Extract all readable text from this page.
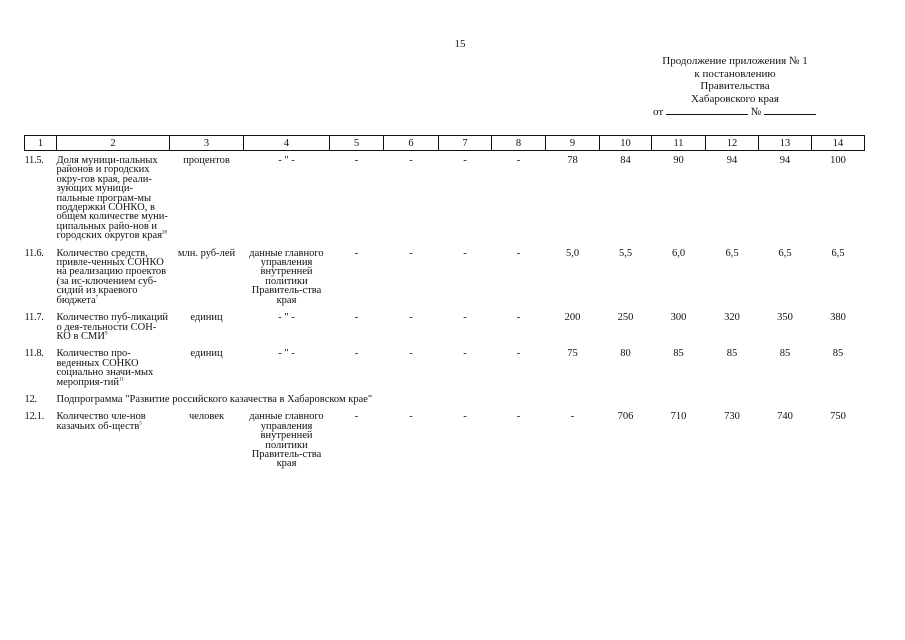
15
Продолжение приложения № 1
к постановлению
Правительства
Хабаровского края
от	№
1	2	3	4	5	6	7	8	9	10	11	12	13	14
11.5.	Доля муници-пальных районов и городских окру-гов края, реали-зующих муници-пальные програм-мы поддержки СОНКО, в общем количестве муни-ципальных райо-нов и городских округов края$^{28}$	процентов	- " -	-	-	-	-	78	84	90	94	94	100
11.6.	Количество средств, привле-ченных СОНКО на реализацию проектов (за ис-ключением суб-сидий из краевого бюджета$^7$	млн. руб-лей	данные главного управления внутренней политики Правитель-ства края	-	-	-	-	5,0	5,5	6,0	6,5	6,5	6,5
11.7.	Количество пуб-ликаций о дея-тельности СОН-КО в СМИ$^9$	единиц	- " -	-	-	-	-	200	250	300	320	350	380
11.8.	Количество про-веденных СОНКО социально значи-мых мероприя-тий$^{11}$	единиц	- " -	-	-	-	-	75	80	85	85	85	85
12.	Подпрограмма "Развитие российского казачества в Хабаровском крае"												
12.1.	Количество чле-нов казачьих об-ществ$^5$	человек	данные главного управления внутренней политики Правитель-ства края	-	-	-	-	-	706	710	730	740	750
